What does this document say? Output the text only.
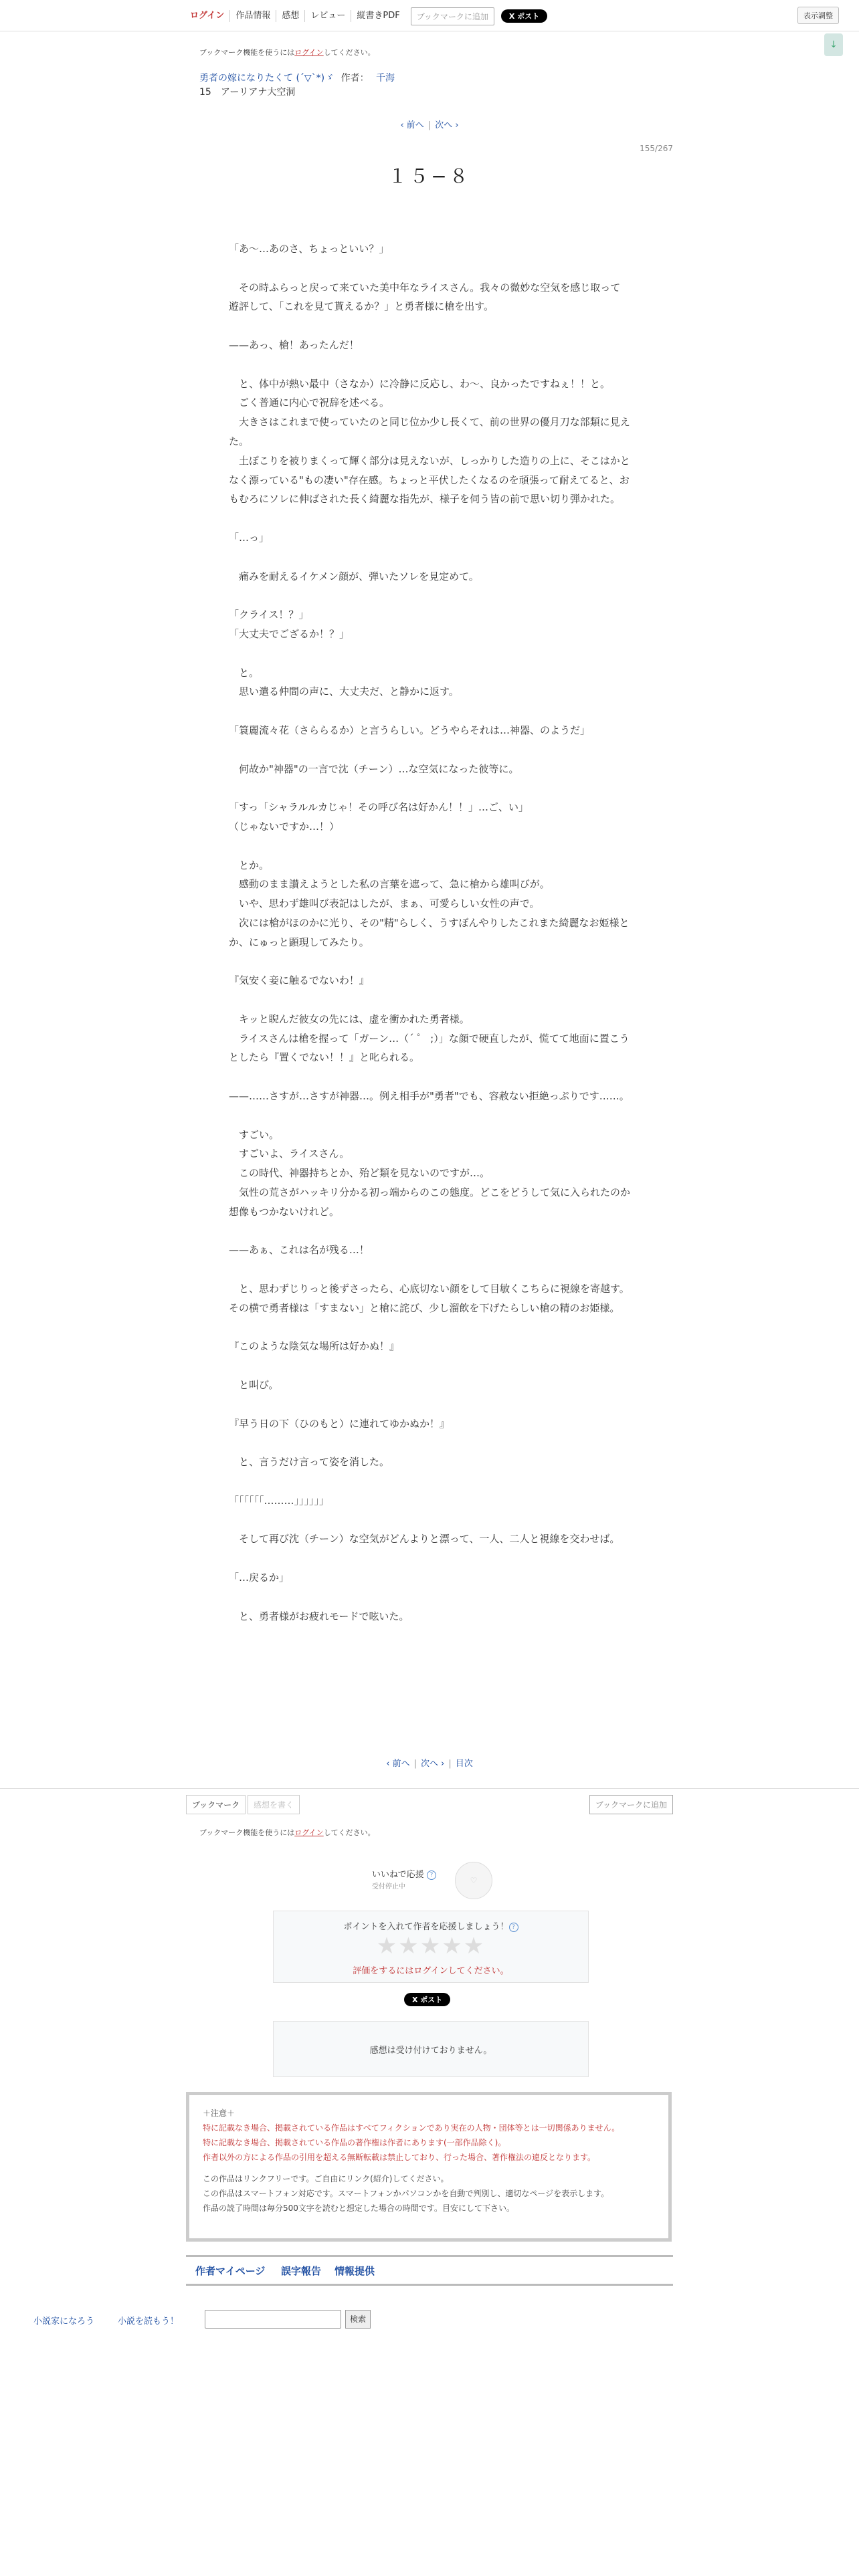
ログイン	作品情報	感想	レビュー	縦書きPDF	ブックマークに追加	X ポスト	表示調整
↓
ブックマーク機能を使うにはログインしてください。
勇者の嫁になりたくて (´▽`*)ゞ 作者： 千海
15　アーリアナ大空洞
‹ 前へ | 次へ ›
155/267
１５−８

「あ〜…あのさ、ちょっといい？」

　その時ふらっと戻って来ていた美中年なライスさん。我々の微妙な空気を感じ取って遊評して、「これを見て貰えるか？」と勇者様に槍を出す。

——あっ、槍！あったんだ！

　と、体中が熱い最中（さなか）に冷静に反応し、わ〜、良かったですねぇ！！と。

　ごく普通に内心で祝辞を述べる。

　大きさはこれまで使っていたのと同じ位か少し長くて、前の世界の優月刀な部類に見えた。

　土ぼこりを被りまくって輝く部分は見えないが、しっかりした造りの上に、そこはかとなく漂っている"もの凄い"存在感。ちょっと平伏したくなるのを頑張って耐えてると、おもむろにソレに伸ばされた長く綺麗な指先が、様子を伺う皆の前で思い切り弾かれた。

「…っ」

　痛みを耐えるイケメン顔が、弾いたソレを見定めて。

「クライス！？」

「大丈夫でござるか！？」

　と。

　思い遣る仲間の声に、大丈夫だ、と静かに返す。

「簑麗流々花（さららるか）と言うらしい。どうやらそれは…神器、のようだ」

　何故か"神器"の一言で沈（チーン）…な空気になった彼等に。

「すっ「シャラルルカじゃ！その呼び名は好かん！！」…ご、い」

（じゃないですか…！）

　とか。

　感動のまま讃えようとした私の言葉を遮って、急に槍から雄叫びが。

　いや、思わず雄叫び表記はしたが、まぁ、可愛らしい女性の声で。

　次には槍がほのかに光り、その"精"らしく、うすぼんやりしたこれまた綺麗なお姫様とか、にゅっと顕現してみたり。

『気安く妾に触るでないわ！』

　キッと睨んだ彼女の先には、虚を衝かれた勇者様。

　ライスさんは槍を握って「ガーン…（´ ゜ ;）」な顔で硬直したが、慌てて地面に置こうとしたら『置くでない！！』と叱られる。

——……さすが…さすが神器…。例え相手が"勇者"でも、容赦ない拒絶っぷりです……。

　すごい。

　すごいよ、ライスさん。

　この時代、神器持ちとか、殆ど類を見ないのですが…。

　気性の荒さがハッキリ分かる初っ端からのこの態度。どこをどうして気に入られたのか想像もつかないけれど。

——あぁ、これは名が残る…！

　と、思わずじりっと後ずさったら、心底切ない顔をして目敏くこちらに視線を寄越す。その横で勇者様は「すまない」と槍に詫び、少し溜飲を下げたらしい槍の精のお姫様。

『このような陰気な場所は好かぬ！』

　と叫び。

『早う日の下（ひのもと）に連れてゆかぬか！』

　と、言うだけ言って姿を消した。

「「「「「「………」」」」」」

　そして再び沈（チーン）な空気がどんよりと漂って、一人、二人と視線を交わせば。

「…戻るか」

　と、勇者様がお疲れモードで呟いた。

‹ 前へ | 次へ › | 目次
ブックマーク	感想を書く	ブックマークに追加
ブックマーク機能を使うにはログインしてください。
いいねで応援 ?
受付停止中
♡
ポイントを入れて作者を応援しましょう！ ?
★★★★★
評価をするにはログインしてください。
X ポスト
感想は受け付けておりません。
＋注意＋
特に記載なき場合、掲載されている作品はすべてフィクションであり実在の人物・団体等とは一切関係ありません。
特に記載なき場合、掲載されている作品の著作権は作者にあります(一部作品除く)。
作者以外の方による作品の引用を超える無断転載は禁止しており、行った場合、著作権法の違反となります。
この作品はリンクフリーです。ご自由にリンク(紹介)してください。
この作品はスマートフォン対応です。スマートフォンかパソコンかを自動で判別し、適切なページを表示します。
作品の読了時間は毎分500文字を読むと想定した場合の時間です。目安にして下さい。
作者マイページ 誤字報告 情報提供
小説家になろう	小説を読もう！	検索
